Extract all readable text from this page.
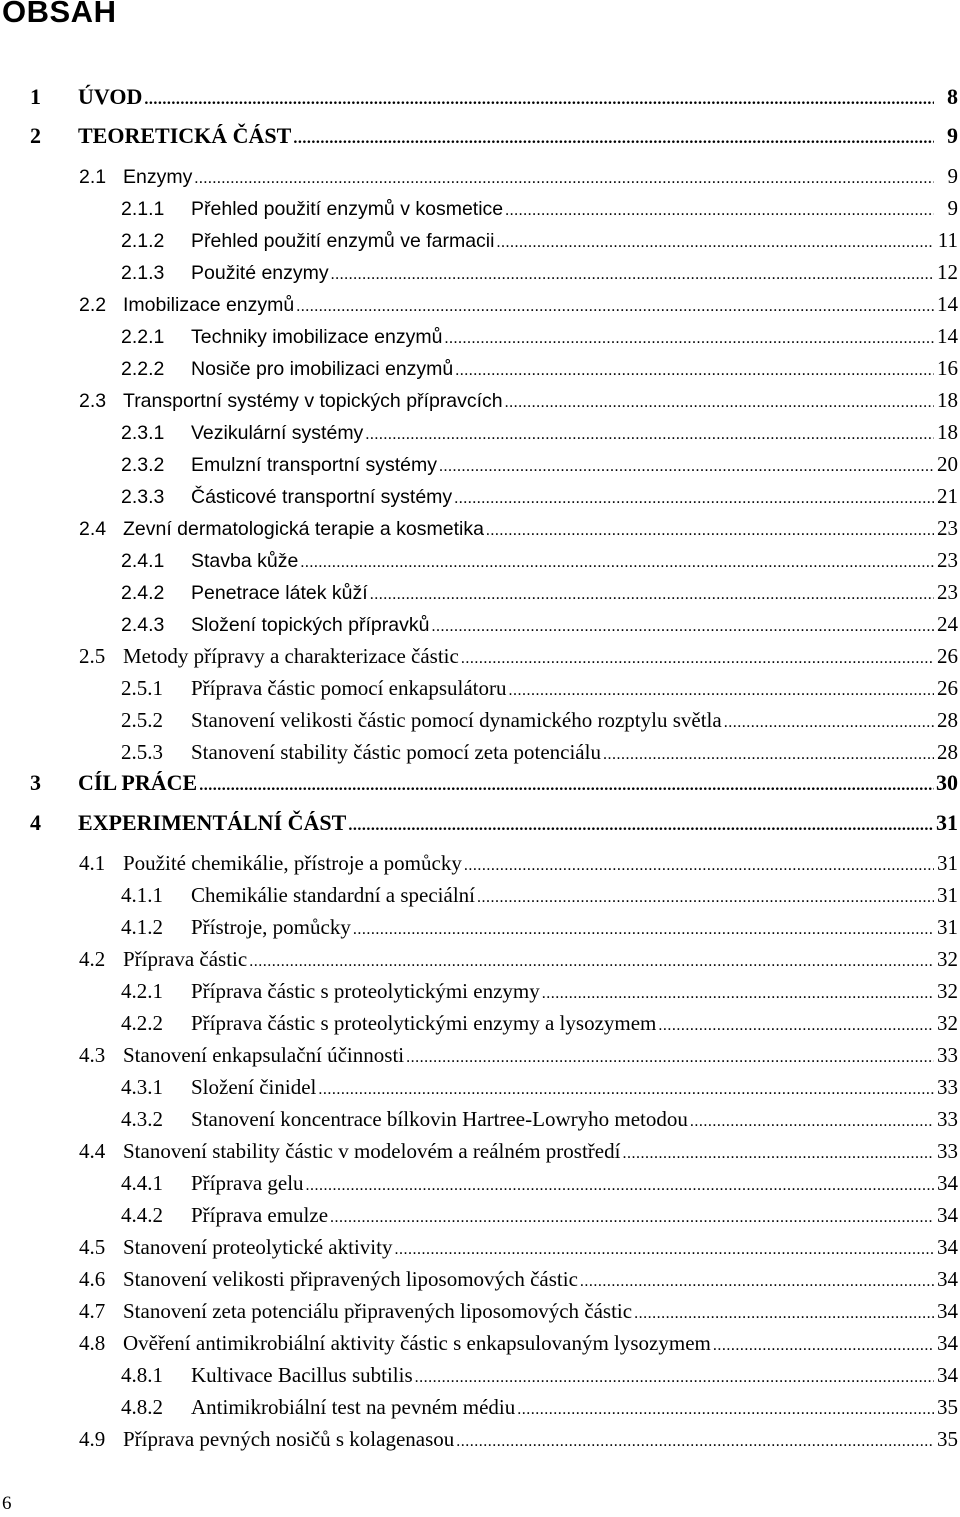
OBSAH
1	ÚVOD .....	8
2	TEORETICKÁ ČÁST .....	9
2.1 Enzymy .....	9
2.1.1	Přehled použití enzymů v kosmetice .....	9
2.1.2	Přehled použití enzymů ve farmacii .....	11
2.1.3	Použité enzymy .....	12
2.2 Imobilizace enzymů .....	14
2.2.1	Techniky imobilizace enzymů .....	14
2.2.2	Nosiče pro imobilizaci enzymů .....	16
2.3 Transportní systémy v topických přípravcích .....	18
2.3.1	Vezikulární systémy .....	18
2.3.2	Emulzní transportní systémy .....	20
2.3.3	Částicové transportní systémy .....	21
2.4 Zevní dermatologická terapie a kosmetika .....	23
2.4.1	Stavba kůže .....	23
2.4.2	Penetrace látek kůží .....	23
2.4.3	Složení topických přípravků .....	24
2.5 Metody přípravy a charakterizace částic .....	26
2.5.1	Příprava částic pomocí enkapsulátoru .....	26
2.5.2	Stanovení velikosti částic pomocí dynamického rozptylu světla .....	28
2.5.3	Stanovení stability částic pomocí zeta potenciálu .....	28
3	CÍL PRÁCE .....	30
4	EXPERIMENTÁLNÍ ČÁST .....	31
4.1 Použité chemikálie, přístroje a pomůcky .....	31
4.1.1	Chemikálie standardní a speciální .....	31
4.1.2	Přístroje, pomůcky .....	31
4.2 Příprava částic .....	32
4.2.1	Příprava částic s proteolytickými enzymy .....	32
4.2.2	Příprava částic s proteolytickými enzymy a lysozymem .....	32
4.3 Stanovení enkapsulační účinnosti .....	33
4.3.1	Složení činidel .....	33
4.3.2	Stanovení koncentrace bílkovin Hartree-Lowryho metodou .....	33
4.4 Stanovení stability částic v modelovém a reálném prostředí .....	33
4.4.1	Příprava gelu .....	34
4.4.2	Příprava emulze .....	34
4.5 Stanovení proteolytické aktivity .....	34
4.6 Stanovení velikosti připravených liposomových částic .....	34
4.7 Stanovení zeta potenciálu připravených liposomových částic .....	34
4.8 Ověření antimikrobiální aktivity částic s enkapsulovaným lysozymem .....	34
4.8.1	Kultivace Bacillus subtilis .....	34
4.8.2	Antimikrobiální test na pevném médiu .....	35
4.9 Příprava pevných nosičů s kolagenasou .....	35
6
